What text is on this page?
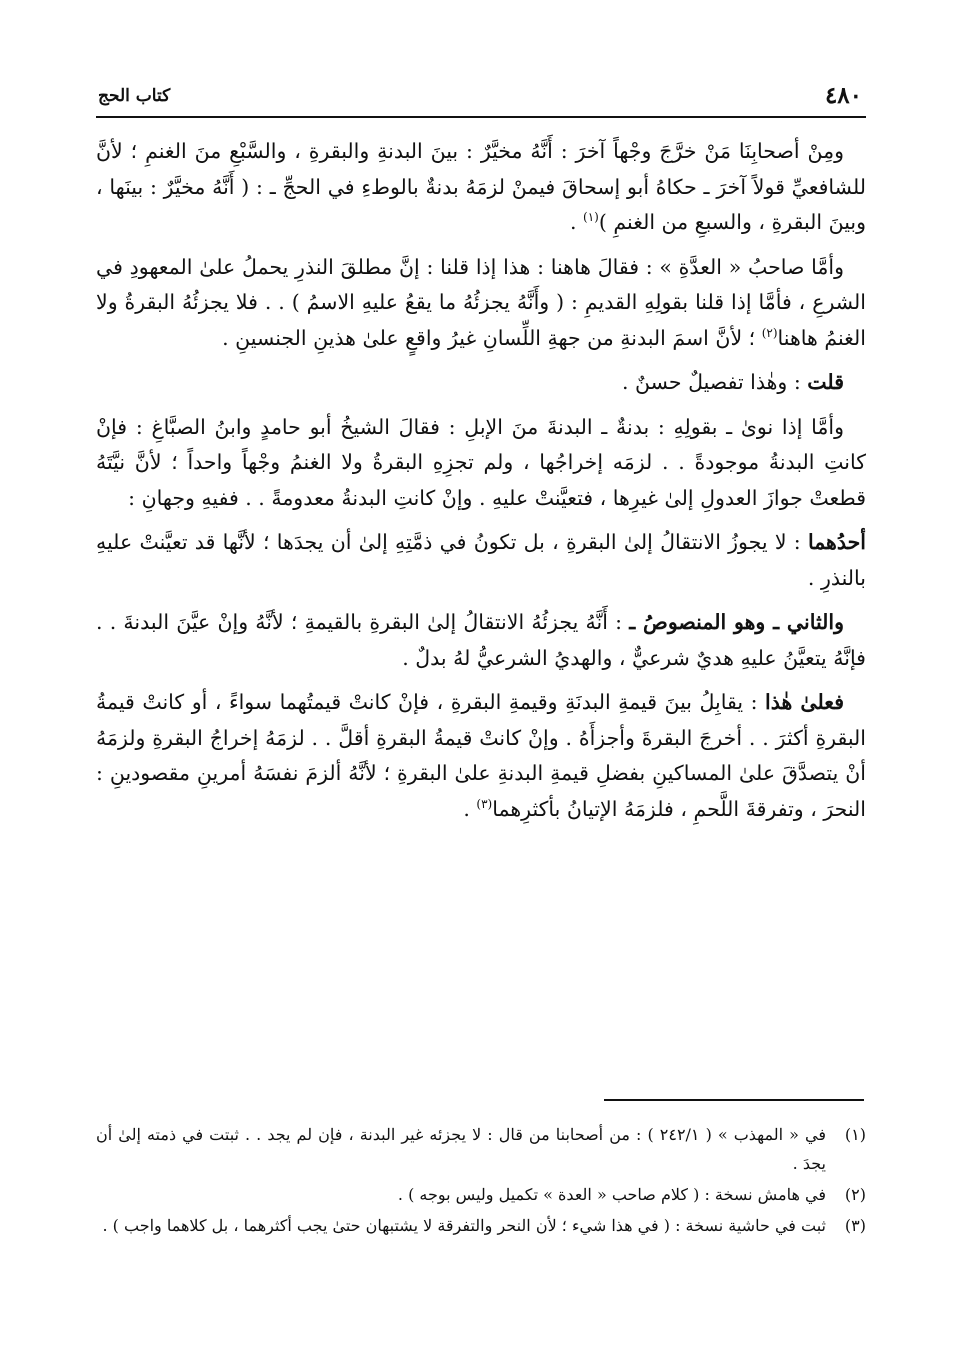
٤٨٠
كتاب الحج

ومِنْ أصحابِنَا مَنْ خرَّجَ وجْهاً آخرَ : أَنَّهُ مخيَّرٌ : بينَ البدنةِ والبقرةِ ، والسَّبْعِ منَ الغنمِ ؛ لأنَّ للشافعيِّ قولاً آخرَ ـ حكاهُ أبو إسحاقَ فيمنْ لزمَهُ بدنةٌ بالوطءِ في الحجِّ ـ : ( أَنَّهُ مخيَّرٌ : بينَها ، وبينَ البقرةِ ، والسبعِ من الغنمِ )$^{(١)}$ .

وأمَّا صاحبُ « العدَّةِ » : فقالَ هاهنا : هذا إذا قلنا : إنَّ مطلقَ النذرِ يحملُ علىٰ المعهودِ في الشرعِ ، فأمَّا إذا قلنا بقولِهِ القديمِ : ( وأَنَّهُ يجزئُهُ ما يقعُ عليهِ الاسمُ ) . . فلا يجزئُهُ البقرةُ ولا الغنمُ هاهنا$^{(٢)}$ ؛ لأنَّ اسمَ البدنةِ من جهةِ اللِّسانِ غيرُ واقعٍ علىٰ هذينِ الجنسينِ .

قلت : وهٰذا تفصيلٌ حسنٌ .

وأمَّا إذا نوىٰ ـ بقولِهِ : بدنةٌ ـ البدنةَ منَ الإبلِ : فقالَ الشيخُ أبو حامدٍ وابنُ الصبَّاغِ : فإنْ كانتِ البدنةُ موجودةً . . لزمَه إخراجُها ، ولم تجزِهِ البقرةُ ولا الغنمُ وجْهاً واحداً ؛ لأنَّ نيَّتَهُ قطعتْ جوازَ العدولِ إلىٰ غيرِها ، فتعيَّنتْ عليهِ . وإنْ كانتِ البدنةُ معدومةً . . ففيهِ وجهانِ :

أحدُهما : لا يجوزُ الانتقالُ إلىٰ البقرةِ ، بل تكونُ في ذمَّتِهِ إلىٰ أن يجدَها ؛ لأنَّها قد تعيَّنتْ عليهِ بالنذرِ .

والثاني ـ وهو المنصوصُ ـ : أَنَّهُ يجزئُهُ الانتقالُ إلىٰ البقرةِ بالقيمةِ ؛ لأنَّهُ وإنْ عيَّنَ البدنةَ . . فإنَّهُ يتعيَّنُ عليهِ هديٌ شرعيٌّ ، والهديُ الشرعيُّ لهُ بدلٌ .

فعلىٰ هٰذا : يقابِلُ بينَ قيمةِ البدنَةِ وقيمةِ البقرةِ ، فإنْ كانتْ قيمتُهما سواءً ، أو كانتْ قيمةُ البقرةِ أكثرَ . . أخرجَ البقرةَ وأجزأَهُ . وإنْ كانتْ قيمةُ البقرةِ أقلَّ . . لزمَهُ إخراجُ البقرةِ ولزمَهُ أنْ يتصدَّقَ علىٰ المساكينِ بفضلِ قيمةِ البدنةِ علىٰ البقرةِ ؛ لأنَّهُ ألزمَ نفسَهُ أمرينِ مقصودينِ : النحرَ ، وتفرقةَ اللَّحمِ ، فلزمَهُ الإتيانُ بأكثرِهما$^{(٣)}$ .

(١)
في « المهذب » ( ٢٤٢/١ ) : من أصحابنا من قال : لا يجزئه غير البدنة ، فإن لم يجد . . ثبتت في ذمته إلىٰ أن يجدَ .
(٢)
في هامش نسخة : ( كلام صاحب « العدة » تكميل وليس بوجه ) .
(٣)
ثبت في حاشية نسخة : ( في هذا شيء ؛ لأن النحر والتفرقة لا يشتبهان حتىٰ يجب أكثرهما ، بل كلاهما واجب ) .
